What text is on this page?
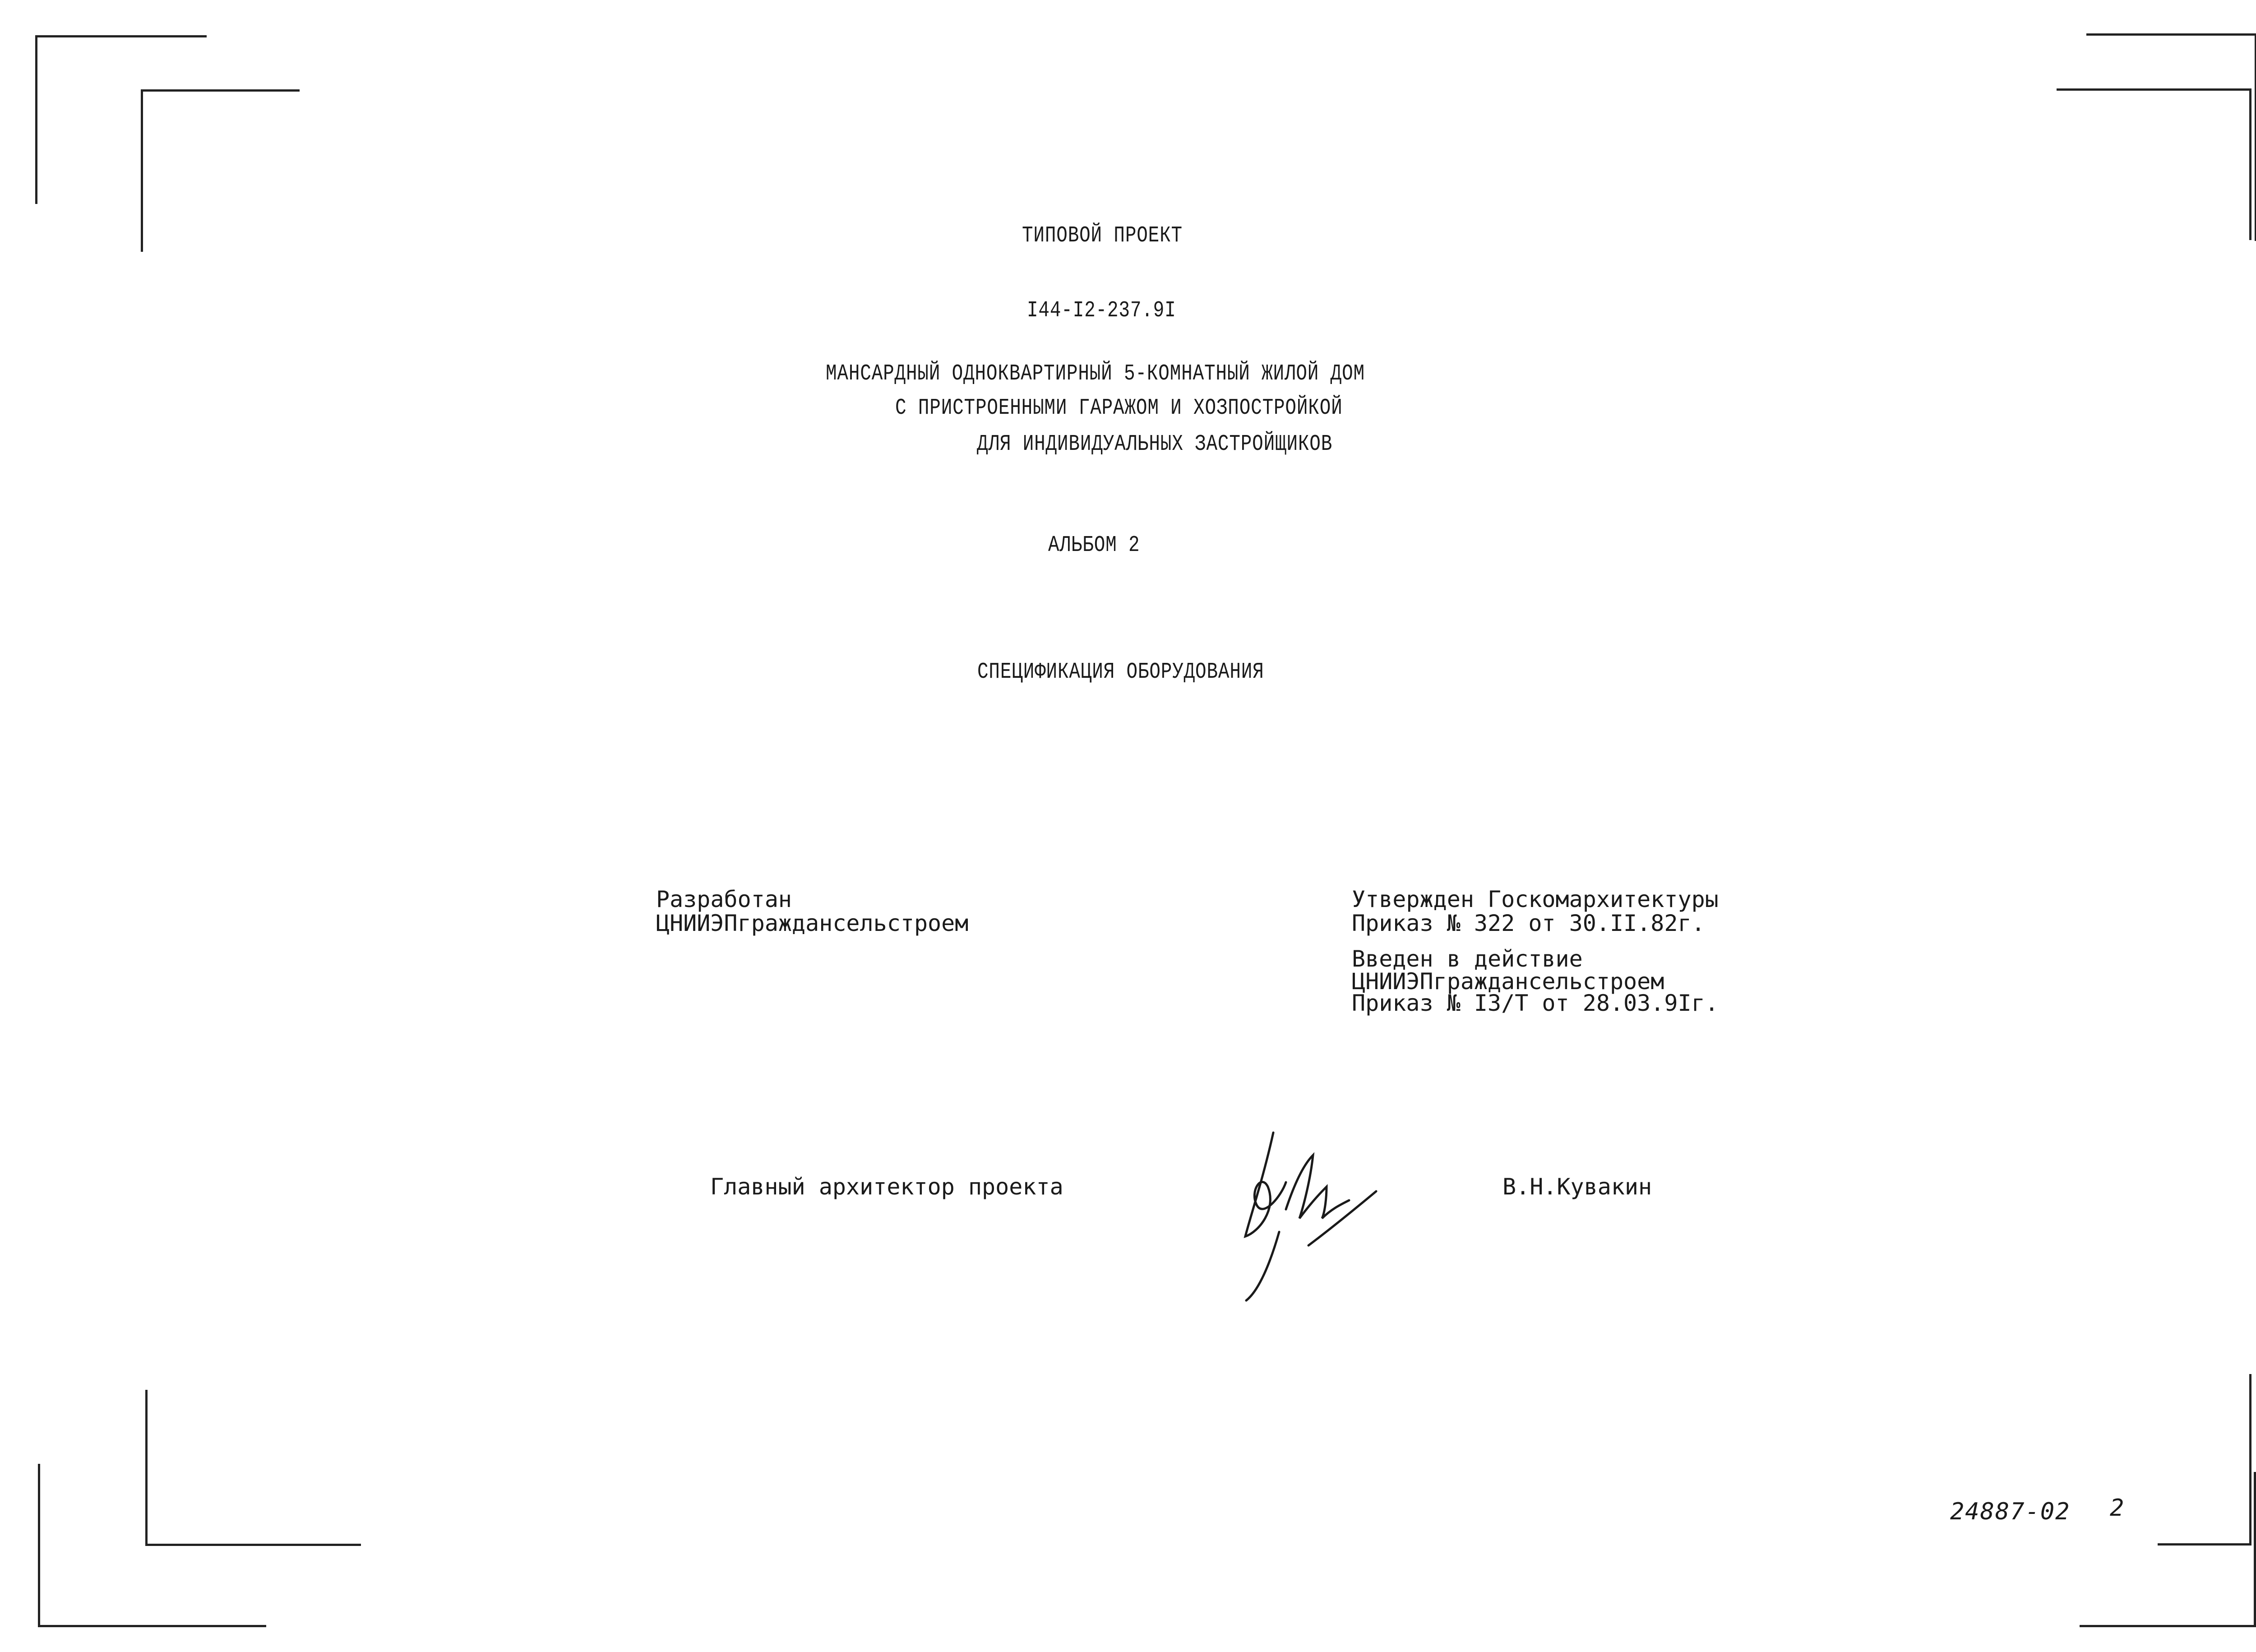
ТИПОВОЙ ПРОЕКТ
I44-I2-237.9I
МАНСАРДНЫЙ ОДНОКВАРТИРНЫЙ 5-КОМНАТНЫЙ ЖИЛОЙ ДОМ
С ПРИСТРОЕННЫМИ ГАРАЖОМ И ХОЗПОСТРОЙКОЙ
ДЛЯ ИНДИВИДУАЛЬНЫХ ЗАСТРОЙЩИКОВ
АЛЬБОМ 2
СПЕЦИФИКАЦИЯ ОБОРУДОВАНИЯ
Разработан
ЦНИИЭПграждансельстроем
Утвержден Госкомархитектуры
Приказ № 322 от 30.II.82г.
Введен в действие
ЦНИИЭПграждансельстроем
Приказ № I3/Т от 28.03.9Iг.
Главный архитектор проекта	В.Н.Кувакин
24887-02 2
